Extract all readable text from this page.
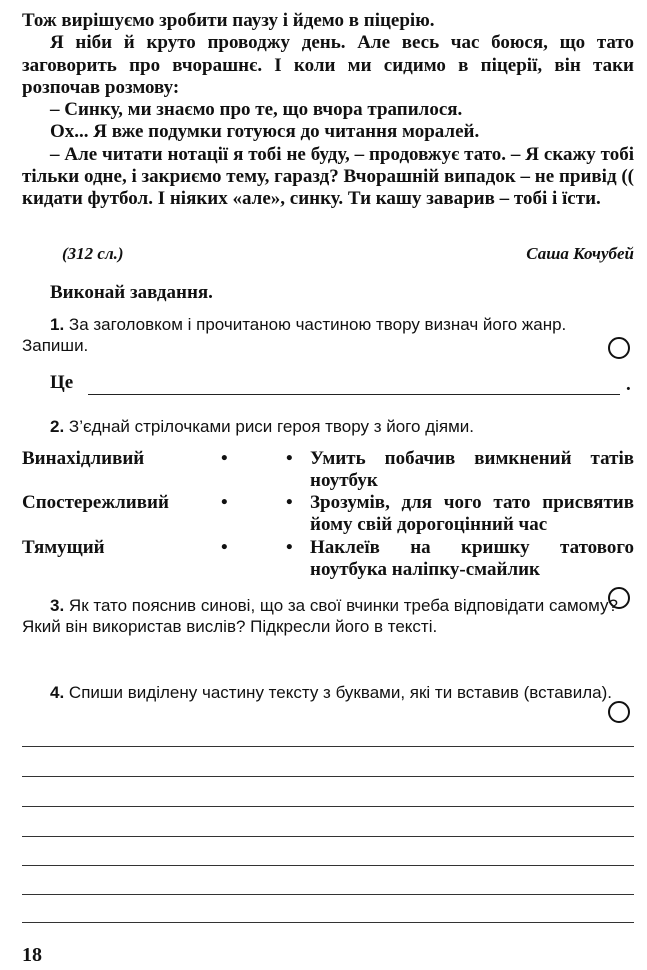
Тож вирішуємо зробити паузу і йдемо в піцерію.

Я ніби й круто проводжу день. Але весь час боюся, що тато заговорить про вчорашнє. І коли ми сидимо в піцерії, він таки розпочав розмову:

– Синку, ми знаємо про те, що вчора трапилося.

Ох... Я вже подумки готуюся до читання моралей.

– Але читати нотації я тобі не буду, – продовжує тато. – Я скажу тобі тільки одне, і закриємо тему, гаразд? Вчорашній випадок – не привід (( кидати футбол. І ніяких «але», синку. Ти кашу заварив – тобі і їсти.

(312 сл.)	Саша Кочубей
Виконай завдання.
1. За заголовком і прочитаною частиною твору визнач його жанр. Запиши.
Це	.
2. З’єднай стрілочками риси героя твору з його діями.
Винахідливий	•	• Умить побачив вимкнений татів ноутбук
Спостережливий	•	• Зрозумів, для чого тато присвятив йому свій дорогоцінний час
Тямущий	•	• Наклеїв на кришку татового ноутбука наліпку-смайлик
3. Як тато пояснив синові, що за свої вчинки треба відповідати самому? Який він використав вислів? Підкресли його в тексті.
4. Спиши виділену частину тексту з буквами, які ти вставив (вставила).
18
